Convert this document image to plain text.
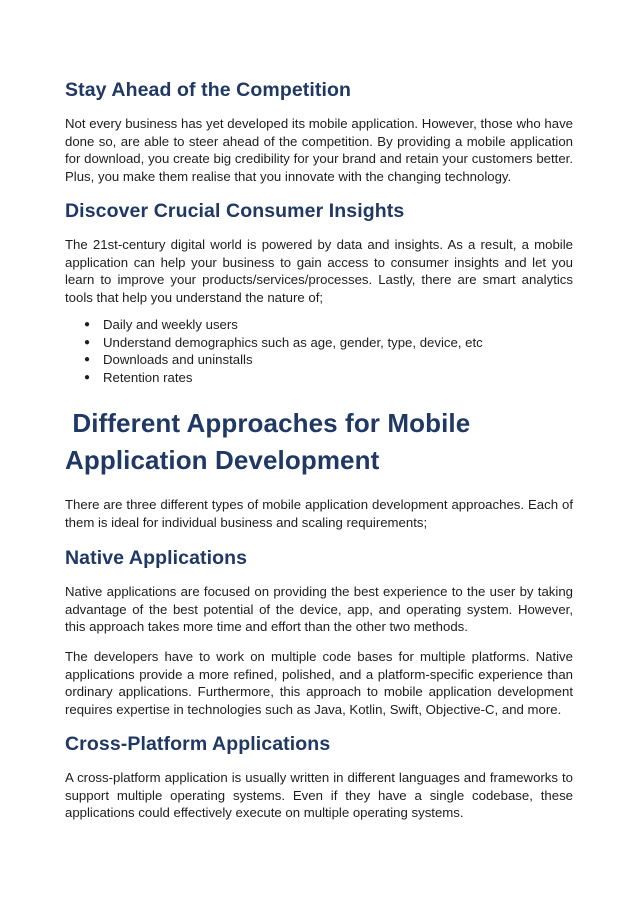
Stay Ahead of the Competition

Not every business has yet developed its mobile application. However, those who have done so, are able to steer ahead of the competition. By providing a mobile application for download, you create big credibility for your brand and retain your customers better. Plus, you make them realise that you innovate with the changing technology.

Discover Crucial Consumer Insights

The 21st-century digital world is powered by data and insights. As a result, a mobile application can help your business to gain access to consumer insights and let you learn to improve your products/services/processes. Lastly, there are smart analytics tools that help you understand the nature of;

● Daily and weekly users
● Understand demographics such as age, gender, type, device, etc
● Downloads and uninstalls
● Retention rates
Different Approaches for Mobile
Application Development

There are three different types of mobile application development approaches. Each of them is ideal for individual business and scaling requirements;

Native Applications

Native applications are focused on providing the best experience to the user by taking advantage of the best potential of the device, app, and operating system. However, this approach takes more time and effort than the other two methods.

The developers have to work on multiple code bases for multiple platforms. Native applications provide a more refined, polished, and a platform-specific experience than ordinary applications. Furthermore, this approach to mobile application development requires expertise in technologies such as Java, Kotlin, Swift, Objective-C, and more.

Cross-Platform Applications

A cross-platform application is usually written in different languages and frameworks to support multiple operating systems. Even if they have a single codebase, these applications could effectively execute on multiple operating systems.
